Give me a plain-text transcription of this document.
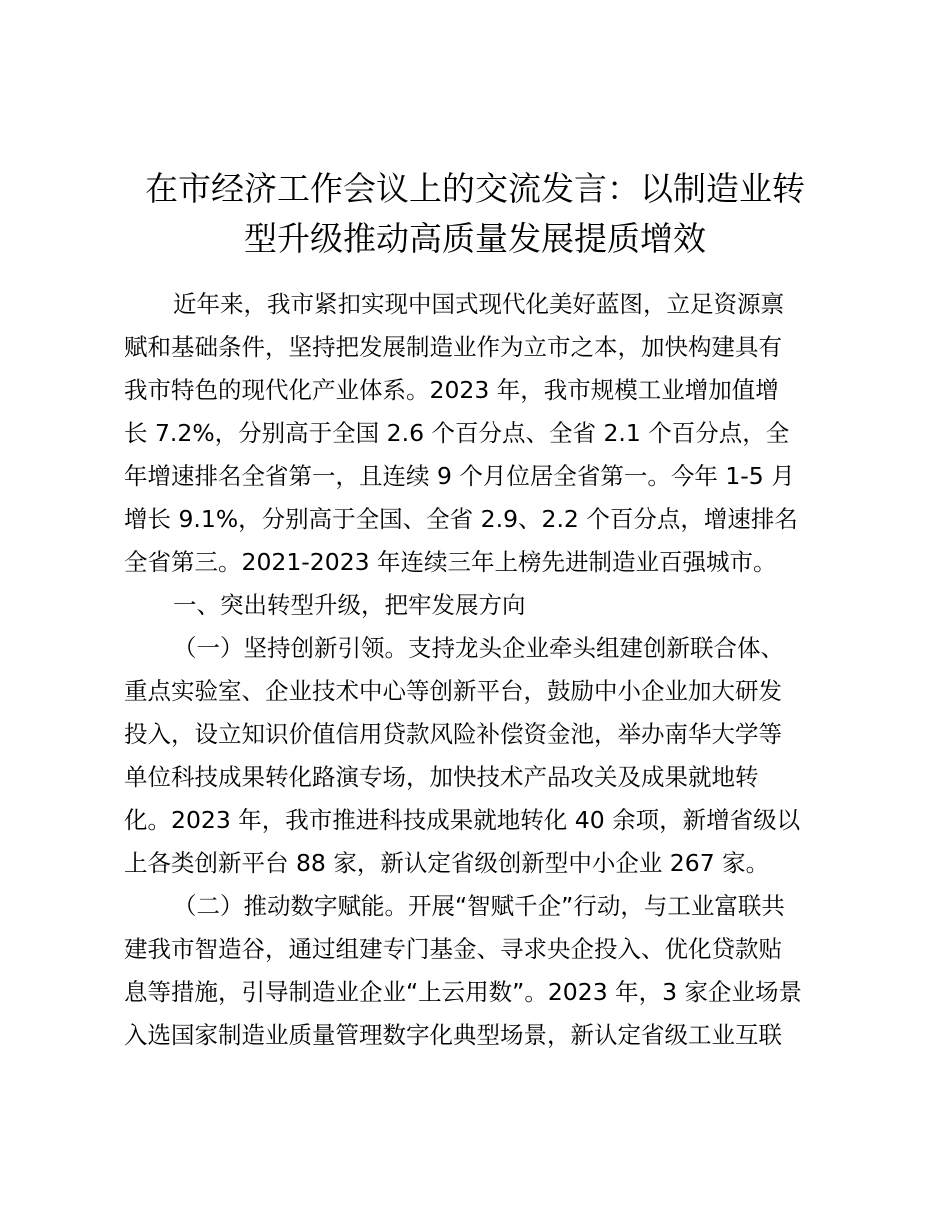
在市经济工作会议上的交流发言：以制造业转
型升级推动高质量发展提质增效
近年来，我市紧扣实现中国式现代化美好蓝图，立足资源禀
赋和基础条件，坚持把发展制造业作为立市之本，加快构建具有
我市特色的现代化产业体系。2023 年，我市规模工业增加值增
长 7.2%，分别高于全国 2.6 个百分点、全省 2.1 个百分点，全
年增速排名全省第一，且连续 9 个月位居全省第一。今年 1-5 月
增长 9.1%，分别高于全国、全省 2.9、2.2 个百分点，增速排名
全省第三。2021-2023 年连续三年上榜先进制造业百强城市。
一、突出转型升级，把牢发展方向
（一）坚持创新引领。支持龙头企业牵头组建创新联合体、
重点实验室、企业技术中心等创新平台，鼓励中小企业加大研发
投入，设立知识价值信用贷款风险补偿资金池，举办南华大学等
单位科技成果转化路演专场，加快技术产品攻关及成果就地转
化。2023 年，我市推进科技成果就地转化 40 余项，新增省级以
上各类创新平台 88 家，新认定省级创新型中小企业 267 家。
（二）推动数字赋能。开展“智赋千企”行动，与工业富联共
建我市智造谷，通过组建专门基金、寻求央企投入、优化贷款贴
息等措施，引导制造业企业“上云用数”。2023 年，3 家企业场景
入选国家制造业质量管理数字化典型场景，新认定省级工业互联
